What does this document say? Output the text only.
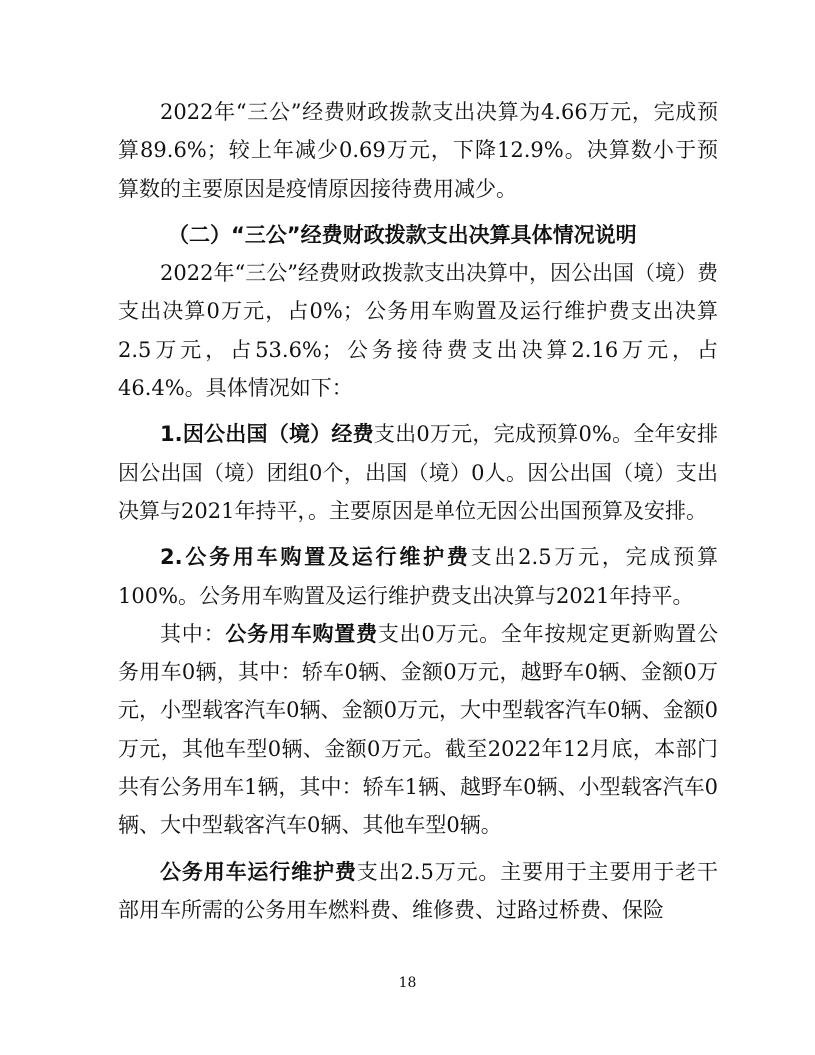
2022年“三公”经费财政拨款支出决算为4.66万元，完成预算89.6%；较上年减少0.69万元，下降12.9%。决算数小于预算数的主要原因是疫情原因接待费用减少。

（二）“三公”经费财政拨款支出决算具体情况说明

2022年“三公”经费财政拨款支出决算中，因公出国（境）费支出决算0万元，占0%；公务用车购置及运行维护费支出决算2.5万元，占53.6%；公务接待费支出决算2.16万元，占46.4%。具体情况如下：

1.因公出国（境）经费支出0万元，完成预算0%。全年安排因公出国（境）团组0个，出国（境）0人。因公出国（境）支出决算与2021年持平，。主要原因是单位无因公出国预算及安排。

2.公务用车购置及运行维护费支出2.5万元，完成预算100%。公务用车购置及运行维护费支出决算与2021年持平。

其中：公务用车购置费支出0万元。全年按规定更新购置公务用车0辆，其中：轿车0辆、金额0万元，越野车0辆、金额0万元，小型载客汽车0辆、金额0万元，大中型载客汽车0辆、金额0万元，其他车型0辆、金额0万元。截至2022年12月底，本部门共有公务用车1辆，其中：轿车1辆、越野车0辆、小型载客汽车0辆、大中型载客汽车0辆、其他车型0辆。

公务用车运行维护费支出2.5万元。主要用于主要用于老干部用车所需的公务用车燃料费、维修费、过路过桥费、保险

18
